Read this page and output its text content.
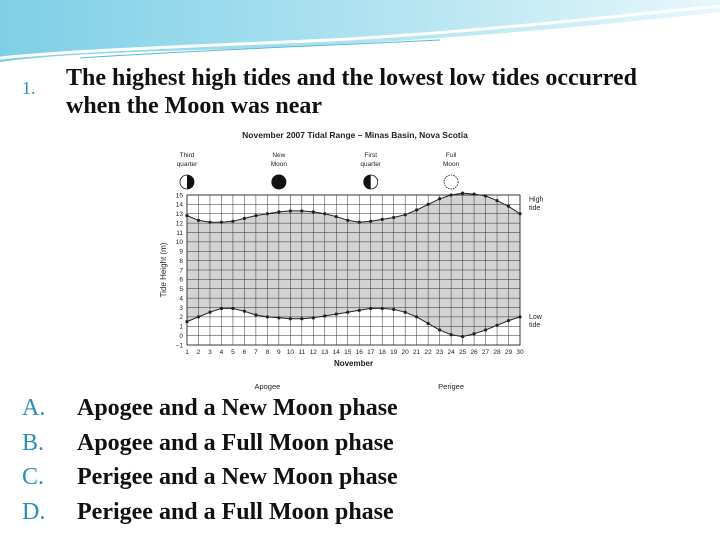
1. The highest high tides and the lowest low tides occurred when the Moon was near
November 2007 Tidal Range – Minas Basin, Nova Scotia
−1
0
1
2
3
4
5
6
7
8
9
10
11
12
13
14
15
1 2 3 4 5 6 7 8 9 10 11 12 13 14 15 16 17 18 19 20 21 22 23 24 25 26 27 28 29 30
Tide Height (m)
November
High
tide
Low
tide
Third
quarter
New
Moon
First
quarter
Full
Moon
Apogee	Perigee
A. Apogee and a New Moon phase
B. Apogee and a Full Moon phase
C. Perigee and a New Moon phase
D. Perigee and a Full Moon phase
